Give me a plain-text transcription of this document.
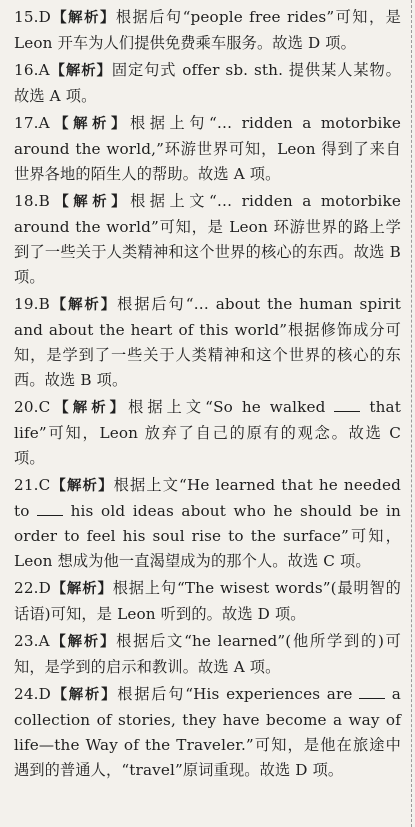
15.D【解析】根据后句“people free rides”可知，是Leon 开车为人们提供免费乘车服务。故选 D 项。

16.A【解析】固定句式 offer sb. sth. 提供某人某物。故选 A 项。

17.A【解析】根据上句“… ridden a motorbike around the world,”环游世界可知，Leon 得到了来自世界各地的陌生人的帮助。故选 A 项。

18.B【解析】根据上文“… ridden a motorbike around the world”可知，是 Leon 环游世界的路上学到了一些关于人类精神和这个世界的核心的东西。故选 B 项。

19.B【解析】根据后句“… about the human spirit and about the heart of this world”根据修饰成分可知，是学到了一些关于人类精神和这个世界的核心的东西。故选 B 项。

20.C【解析】根据上文“So he walked	that life”可知，Leon 放弃了自己的原有的观念。故选 C 项。

21.C【解析】根据上文“He learned that he needed to	his old ideas about who he should be in order to feel his soul rise to the surface”可知，Leon 想成为他一直渴望成为的那个人。故选 C 项。

22.D【解析】根据上句“The wisest words”(最明智的话语)可知，是 Leon 听到的。故选 D 项。

23.A【解析】根据后文“he learned”(他所学到的)可知，是学到的启示和教训。故选 A 项。

24.D【解析】根据后句“His experiences are	a collection of stories, they have become a way of life—the Way of the Traveler.”可知，是他在旅途中遇到的普通人，“travel”原词重现。故选 D 项。
